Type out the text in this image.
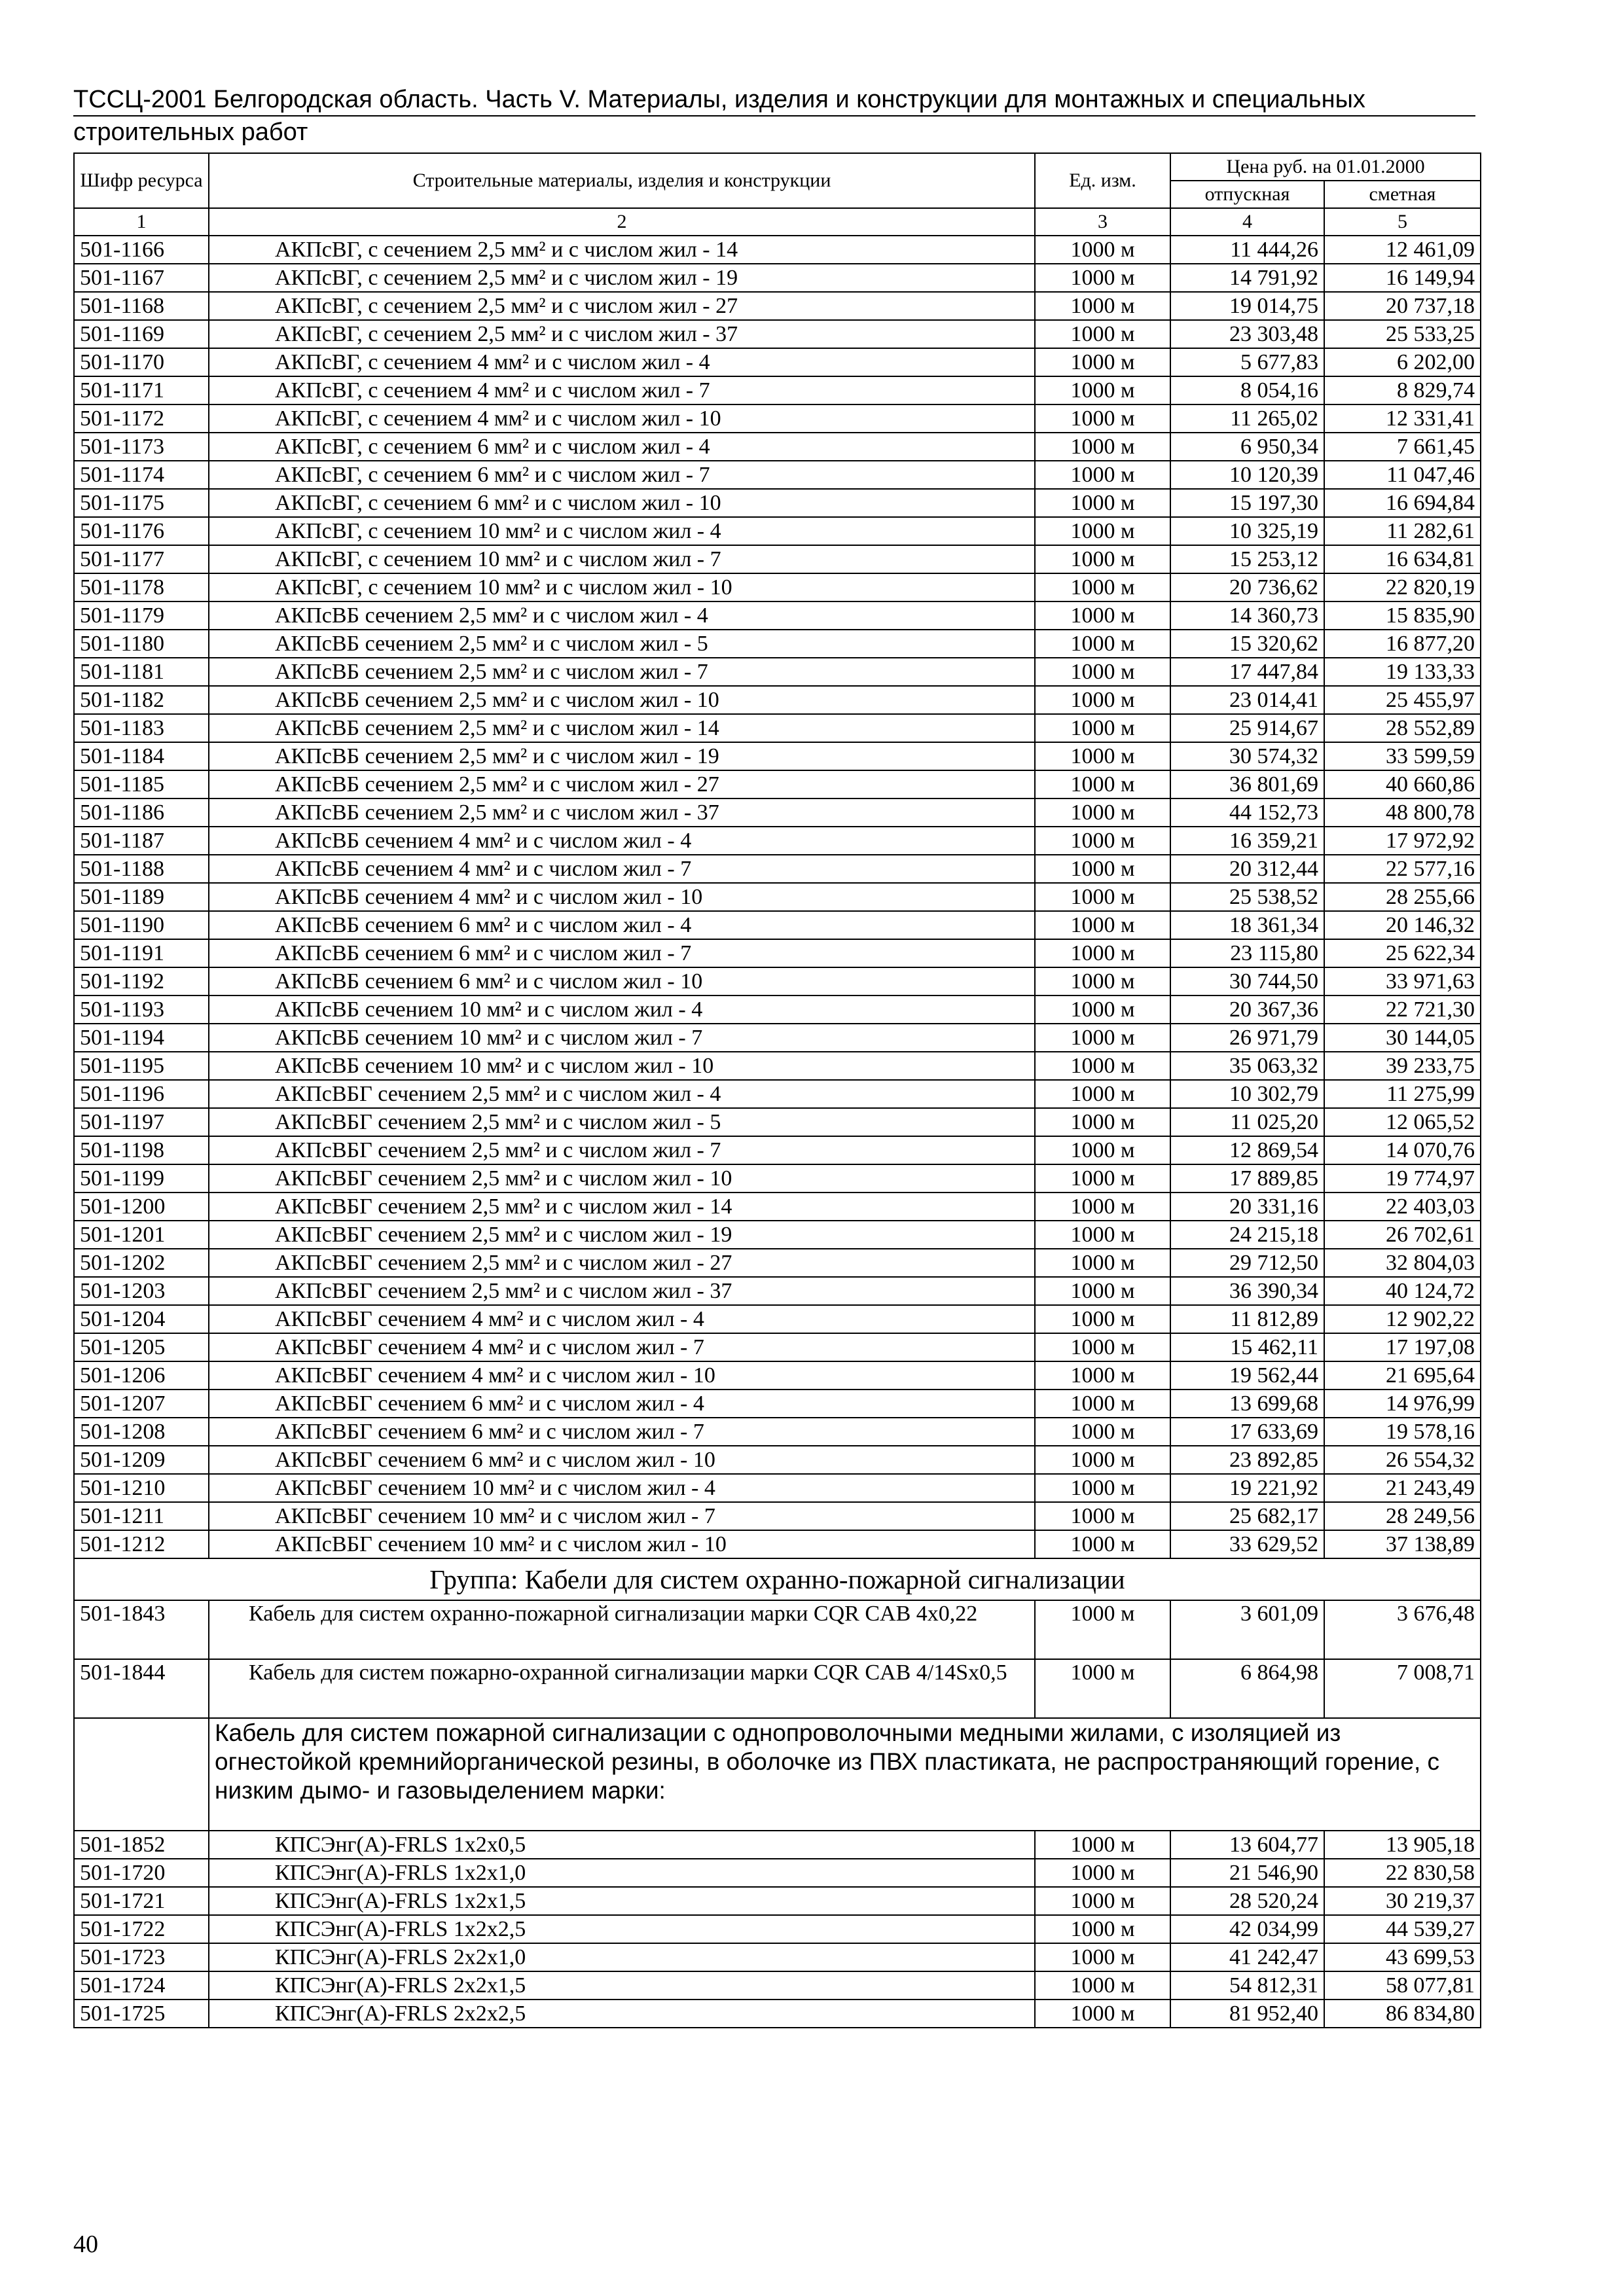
ТССЦ-2001 Белгородская область. Часть V. Материалы, изделия и конструкции для монтажных и специальных
строительных работ
Шифр ресурса	Строительные материалы, изделия и конструкции	Ед. изм.	Цена руб. на 01.01.2000	
			отпускная	сметная
1	2	3	4	5
501-1166	АКПсВГ, с сечением 2,5 мм² и с числом жил - 14	1000 м	11 444,26	12 461,09
501-1167	АКПсВГ, с сечением 2,5 мм² и с числом жил - 19	1000 м	14 791,92	16 149,94
501-1168	АКПсВГ, с сечением 2,5 мм² и с числом жил - 27	1000 м	19 014,75	20 737,18
501-1169	АКПсВГ, с сечением 2,5 мм² и с числом жил - 37	1000 м	23 303,48	25 533,25
501-1170	АКПсВГ, с сечением 4 мм² и с числом жил - 4	1000 м	5 677,83	6 202,00
501-1171	АКПсВГ, с сечением 4 мм² и с числом жил - 7	1000 м	8 054,16	8 829,74
501-1172	АКПсВГ, с сечением 4 мм² и с числом жил - 10	1000 м	11 265,02	12 331,41
501-1173	АКПсВГ, с сечением 6 мм² и с числом жил - 4	1000 м	6 950,34	7 661,45
501-1174	АКПсВГ, с сечением 6 мм² и с числом жил - 7	1000 м	10 120,39	11 047,46
501-1175	АКПсВГ, с сечением 6 мм² и с числом жил - 10	1000 м	15 197,30	16 694,84
501-1176	АКПсВГ, с сечением 10 мм² и с числом жил - 4	1000 м	10 325,19	11 282,61
501-1177	АКПсВГ, с сечением 10 мм² и с числом жил - 7	1000 м	15 253,12	16 634,81
501-1178	АКПсВГ, с сечением 10 мм² и с числом жил - 10	1000 м	20 736,62	22 820,19
501-1179	АКПсВБ сечением 2,5 мм² и с числом жил - 4	1000 м	14 360,73	15 835,90
501-1180	АКПсВБ сечением 2,5 мм² и с числом жил - 5	1000 м	15 320,62	16 877,20
501-1181	АКПсВБ сечением 2,5 мм² и с числом жил - 7	1000 м	17 447,84	19 133,33
501-1182	АКПсВБ сечением 2,5 мм² и с числом жил - 10	1000 м	23 014,41	25 455,97
501-1183	АКПсВБ сечением 2,5 мм² и с числом жил - 14	1000 м	25 914,67	28 552,89
501-1184	АКПсВБ сечением 2,5 мм² и с числом жил - 19	1000 м	30 574,32	33 599,59
501-1185	АКПсВБ сечением 2,5 мм² и с числом жил - 27	1000 м	36 801,69	40 660,86
501-1186	АКПсВБ сечением 2,5 мм² и с числом жил - 37	1000 м	44 152,73	48 800,78
501-1187	АКПсВБ сечением 4 мм² и с числом жил - 4	1000 м	16 359,21	17 972,92
501-1188	АКПсВБ сечением 4 мм² и с числом жил - 7	1000 м	20 312,44	22 577,16
501-1189	АКПсВБ сечением 4 мм² и с числом жил - 10	1000 м	25 538,52	28 255,66
501-1190	АКПсВБ сечением 6 мм² и с числом жил - 4	1000 м	18 361,34	20 146,32
501-1191	АКПсВБ сечением 6 мм² и с числом жил - 7	1000 м	23 115,80	25 622,34
501-1192	АКПсВБ сечением 6 мм² и с числом жил - 10	1000 м	30 744,50	33 971,63
501-1193	АКПсВБ сечением 10 мм² и с числом жил - 4	1000 м	20 367,36	22 721,30
501-1194	АКПсВБ сечением 10 мм² и с числом жил - 7	1000 м	26 971,79	30 144,05
501-1195	АКПсВБ сечением 10 мм² и с числом жил - 10	1000 м	35 063,32	39 233,75
501-1196	АКПсВБГ сечением 2,5 мм² и с числом жил - 4	1000 м	10 302,79	11 275,99
501-1197	АКПсВБГ сечением 2,5 мм² и с числом жил - 5	1000 м	11 025,20	12 065,52
501-1198	АКПсВБГ сечением 2,5 мм² и с числом жил - 7	1000 м	12 869,54	14 070,76
501-1199	АКПсВБГ сечением 2,5 мм² и с числом жил - 10	1000 м	17 889,85	19 774,97
501-1200	АКПсВБГ сечением 2,5 мм² и с числом жил - 14	1000 м	20 331,16	22 403,03
501-1201	АКПсВБГ сечением 2,5 мм² и с числом жил - 19	1000 м	24 215,18	26 702,61
501-1202	АКПсВБГ сечением 2,5 мм² и с числом жил - 27	1000 м	29 712,50	32 804,03
501-1203	АКПсВБГ сечением 2,5 мм² и с числом жил - 37	1000 м	36 390,34	40 124,72
501-1204	АКПсВБГ сечением 4 мм² и с числом жил - 4	1000 м	11 812,89	12 902,22
501-1205	АКПсВБГ сечением 4 мм² и с числом жил - 7	1000 м	15 462,11	17 197,08
501-1206	АКПсВБГ сечением 4 мм² и с числом жил - 10	1000 м	19 562,44	21 695,64
501-1207	АКПсВБГ сечением 6 мм² и с числом жил - 4	1000 м	13 699,68	14 976,99
501-1208	АКПсВБГ сечением 6 мм² и с числом жил - 7	1000 м	17 633,69	19 578,16
501-1209	АКПсВБГ сечением 6 мм² и с числом жил - 10	1000 м	23 892,85	26 554,32
501-1210	АКПсВБГ сечением 10 мм² и с числом жил - 4	1000 м	19 221,92	21 243,49
501-1211	АКПсВБГ сечением 10 мм² и с числом жил - 7	1000 м	25 682,17	28 249,56
501-1212	АКПсВБГ сечением 10 мм² и с числом жил - 10	1000 м	33 629,52	37 138,89
Группа: Кабели для систем охранно-пожарной сигнализации				
501-1843	Кабель для систем охранно-пожарной сигнализации марки CQR CAB 4x0,22	1000 м	3 601,09	3 676,48
501-1844	Кабель для систем пожарно-охранной сигнализации марки CQR CAB 4/14Sx0,5	1000 м	6 864,98	7 008,71
	Кабель для систем пожарной сигнализации с однопроволочными медными жилами, с изоляцией из огнестойкой кремнийорганической резины, в оболочке из ПВХ пластиката, не распространяющий горение, с низким дымо- и газовыделением марки:			
501-1852	КПСЭнг(А)-FRLS 1x2x0,5	1000 м	13 604,77	13 905,18
501-1720	КПСЭнг(А)-FRLS 1x2x1,0	1000 м	21 546,90	22 830,58
501-1721	КПСЭнг(А)-FRLS 1x2x1,5	1000 м	28 520,24	30 219,37
501-1722	КПСЭнг(А)-FRLS 1x2x2,5	1000 м	42 034,99	44 539,27
501-1723	КПСЭнг(А)-FRLS 2x2x1,0	1000 м	41 242,47	43 699,53
501-1724	КПСЭнг(А)-FRLS 2x2x1,5	1000 м	54 812,31	58 077,81
501-1725	КПСЭнг(А)-FRLS 2x2x2,5	1000 м	81 952,40	86 834,80
40
